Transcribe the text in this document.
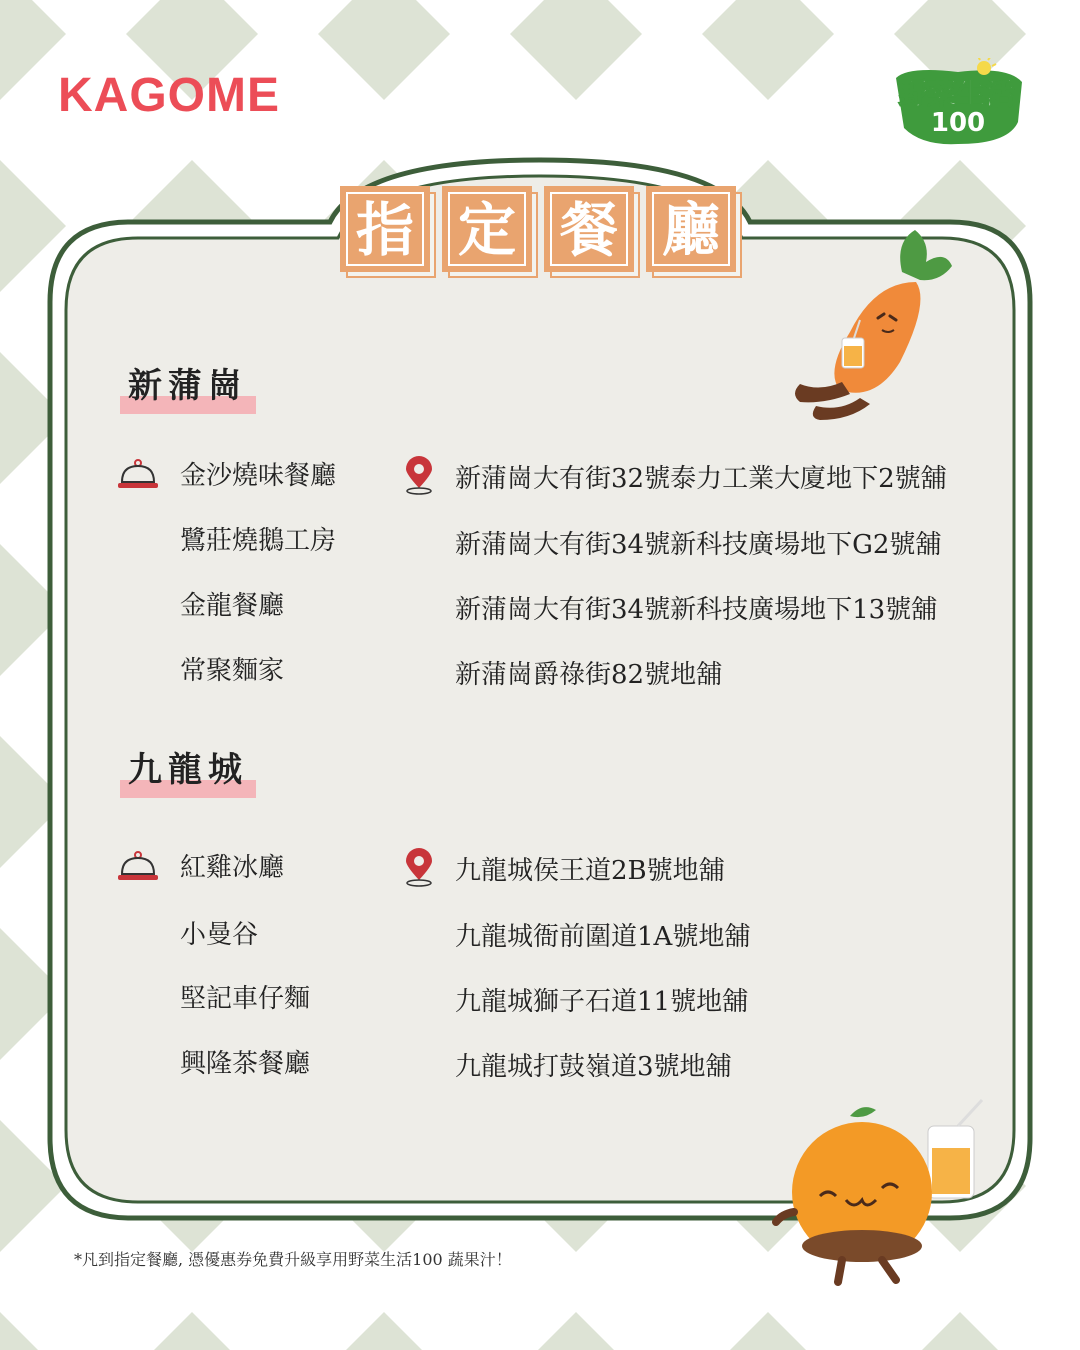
KAGOME	野菜生活
100
指 定 餐 廳
新蒲崗
金沙燒味餐廳
鷺莊燒鵝工房
金龍餐廳
常聚麵家
新蒲崗大有街32號泰力工業大廈地下2號舖
新蒲崗大有街34號新科技廣場地下G2號舖
新蒲崗大有街34號新科技廣場地下13號舖
新蒲崗爵祿街82號地舖
九龍城
紅雞冰廳
小曼谷
堅記車仔麵
興隆茶餐廳
九龍城侯王道2B號地舖
九龍城衙前圍道1A號地舖
九龍城獅子石道11號地舖
九龍城打鼓嶺道3號地舖
*凡到指定餐廳, 憑優惠券免費升級享用野菜生活100 蔬果汁！
